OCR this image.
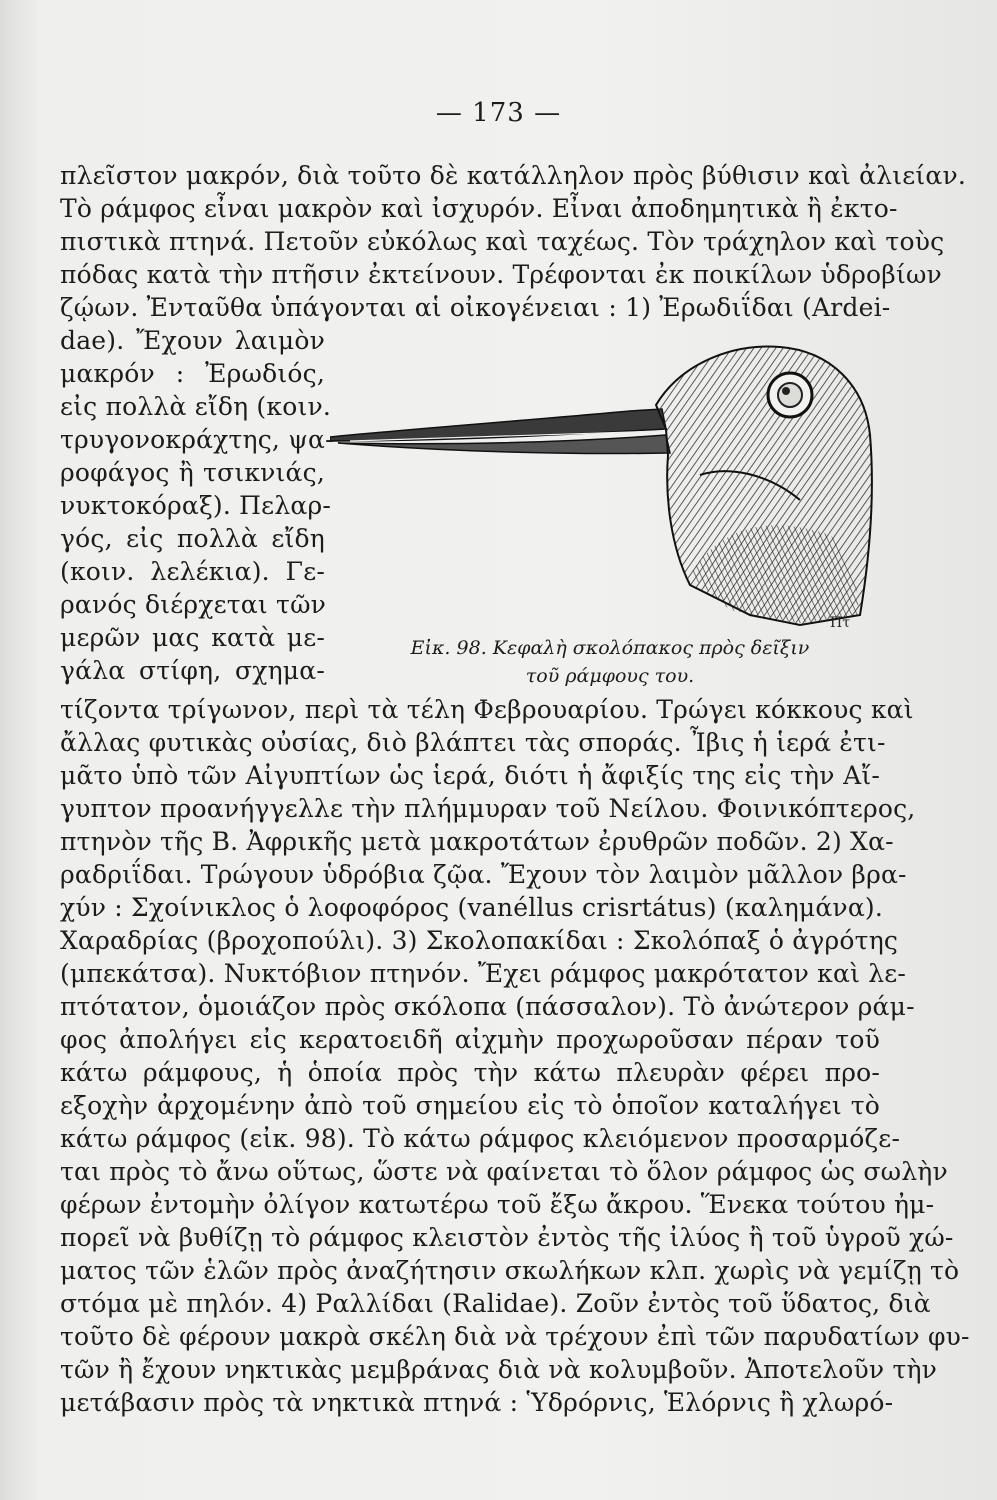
— 173 —
Πτ
Εἰκ. 98. Κεφαλὴ σκολόπακος πρὸς δεῖξιν
τοῦ ράμφους του.
πλεῖστον μακρόν, διὰ τοῦτο δὲ κατάλληλον πρὸς βύθισιν καὶ ἀλιείαν.
Τὸ ράμφος εἶναι μακρὸν καὶ ἰσχυρόν. Εἶναι ἀποδημητικὰ ἢ ἐκτο-
πιστικὰ πτηνά. Πετοῦν εὐκόλως καὶ ταχέως. Τὸν τράχηλον καὶ τοὺς
πόδας κατὰ τὴν πτῆσιν ἐκτείνουν. Τρέφονται ἐκ ποικίλων ὑδροβίων
ζῴων. Ἐνταῦθα ὑπάγονται αἱ οἰκογένειαι : 1) Ἐρωδιΐδαι (Ardei-
dae). Ἔχουν λαιμὸν
μακρόν : Ἐρωδιός,
εἰς πολλὰ εἴδη (κοιν.
τρυγονοκράχτης, ψα-
ροφάγος ἢ τσικνιάς,
νυκτοκόραξ). Πελαρ-
γός, εἰς πολλὰ εἴδη
(κοιν. λελέκια). Γε-
ρανός διέρχεται τῶν
μερῶν μας κατὰ με-
γάλα στίφη, σχημα-
τίζοντα τρίγωνον, περὶ τὰ τέλη Φεβρουαρίου. Τρώγει κόκκους καὶ
ἄλλας φυτικὰς οὐσίας, διὸ βλάπτει τὰς σποράς. Ἶβις ἡ ἱερά ἐτι-
μᾶτο ὑπὸ τῶν Αἰγυπτίων ὡς ἱερά, διότι ἡ ἄφιξίς της εἰς τὴν Αἴ-
γυπτον προανήγγελλε τὴν πλήμμυραν τοῦ Νείλου. Φοινικόπτερος,
πτηνὸν τῆς Β. Ἀφρικῆς μετὰ μακροτάτων ἐρυθρῶν ποδῶν. 2) Χα-
ραδριΐδαι. Τρώγουν ὑδρόβια ζῷα. Ἔχουν τὸν λαιμὸν μᾶλλον βρα-
χύν : Σχοίνικλος ὁ λοφοφόρος (vanéllus crisrtátus) (καλημάνα).
Χαραδρίας (βροχοπούλι). 3) Σκολοπακίδαι : Σκολόπαξ ὁ ἀγρότης
(μπεκάτσα). Νυκτόβιον πτηνόν. Ἔχει ράμφος μακρότατον καὶ λε-
πτότατον, ὁμοιάζον πρὸς σκόλοπα (πάσσαλον). Τὸ ἀνώτερον ράμ-
φος ἀπολήγει εἰς κερατοειδῆ αἰχμὴν προχωροῦσαν πέραν τοῦ
κάτω ράμφους, ἡ ὁποία πρὸς τὴν κάτω πλευρὰν φέρει προ-
εξοχὴν ἀρχομένην ἀπὸ τοῦ σημείου εἰς τὸ ὁποῖον καταλήγει τὸ
κάτω ράμφος (εἰκ. 98). Τὸ κάτω ράμφος κλειόμενον προσαρμόζε-
ται πρὸς τὸ ἄνω οὕτως, ὥστε νὰ φαίνεται τὸ ὅλον ράμφος ὡς σωλὴν
φέρων ἐντομὴν ὀλίγον κατωτέρω τοῦ ἔξω ἄκρου. Ἕνεκα τούτου ἠμ-
πορεῖ νὰ βυθίζῃ τὸ ράμφος κλειστὸν ἐντὸς τῆς ἰλύος ἢ τοῦ ὑγροῦ χώ-
ματος τῶν ἑλῶν πρὸς ἀναζήτησιν σκωλήκων κλπ. χωρὶς νὰ γεμίζῃ τὸ
στόμα μὲ πηλόν. 4) Ραλλίδαι (Ralidae). Ζοῦν ἐντὸς τοῦ ὕδατος, διὰ
τοῦτο δὲ φέρουν μακρὰ σκέλη διὰ νὰ τρέχουν ἐπὶ τῶν παρυδατίων φυ-
τῶν ἢ ἔχουν νηκτικὰς μεμβράνας διὰ νὰ κολυμβοῦν. Ἀποτελοῦν τὴν
μετάβασιν πρὸς τὰ νηκτικὰ πτηνά : Ὑδρόρνις, Ἑλόρνις ἢ χλωρό-
